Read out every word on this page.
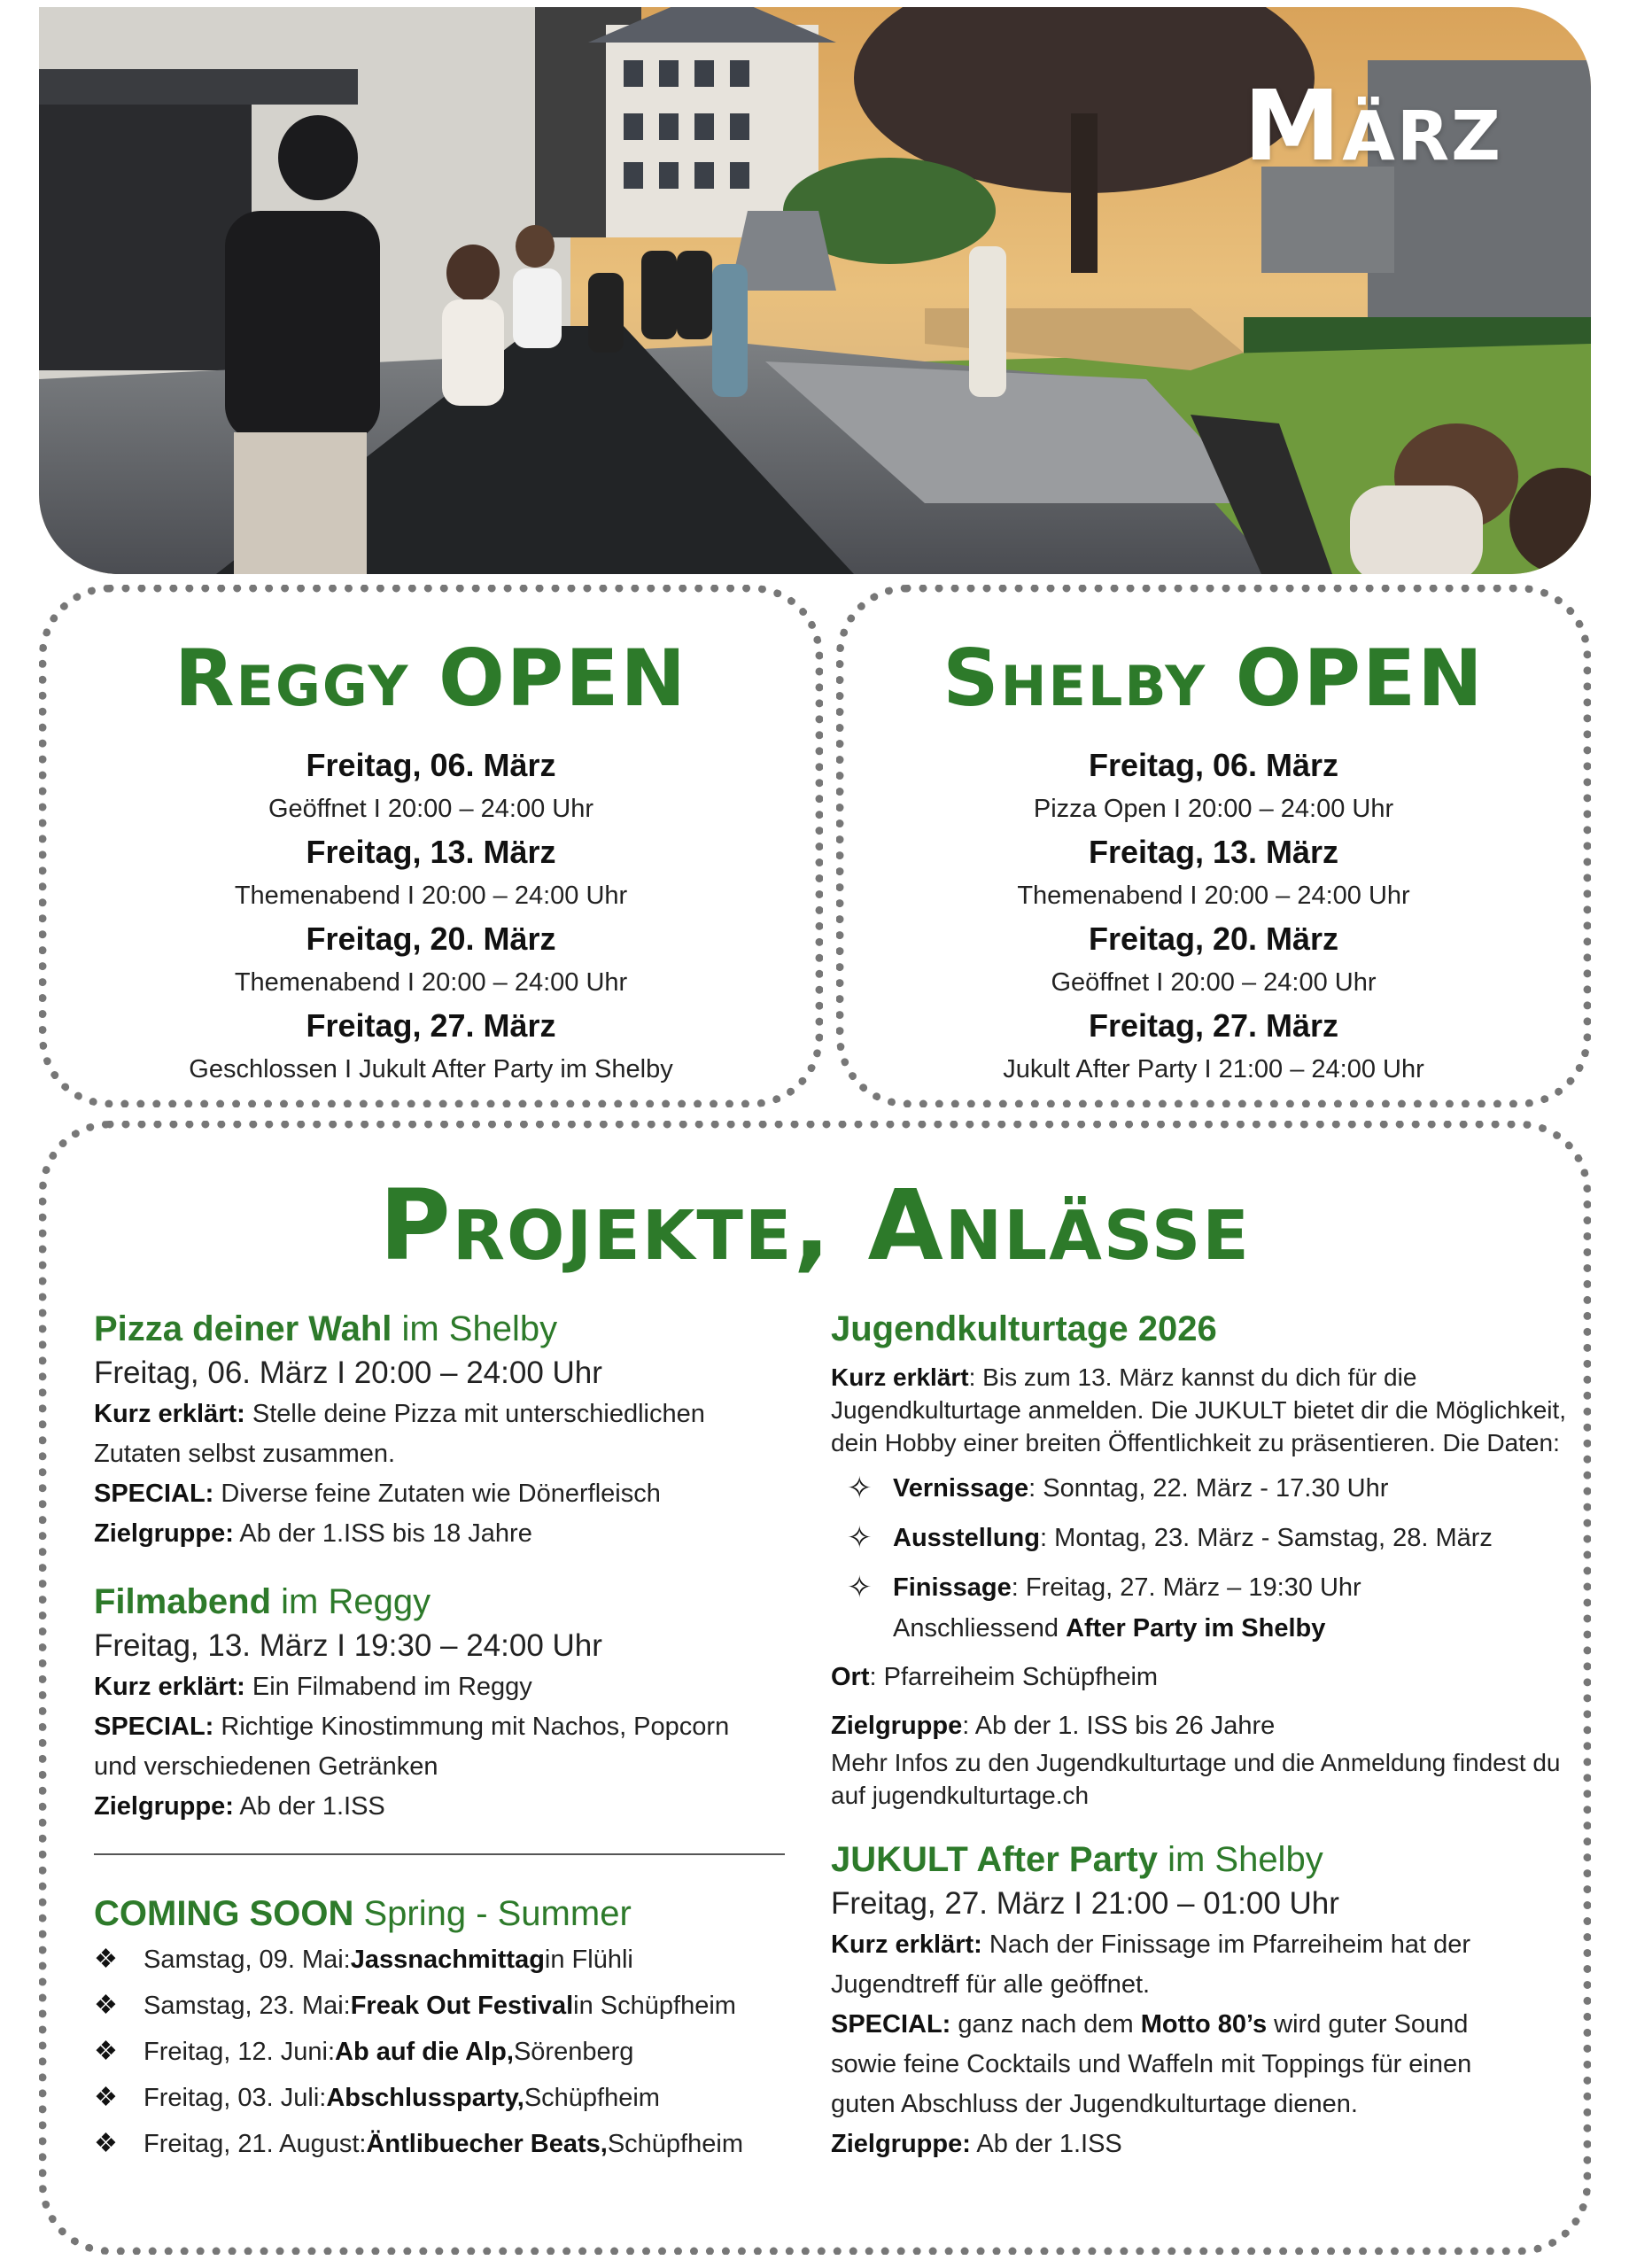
März
Reggy OPEN
Freitag, 06. März
Geöffnet I 20:00 – 24:00 Uhr
Freitag, 13. März
Themenabend I 20:00 – 24:00 Uhr
Freitag, 20. März
Themenabend I 20:00 – 24:00 Uhr
Freitag, 27. März
Geschlossen I Jukult After Party im Shelby
Shelby OPEN
Freitag, 06. März
Pizza Open I 20:00 – 24:00 Uhr
Freitag, 13. März
Themenabend I 20:00 – 24:00 Uhr
Freitag, 20. März
Geöffnet I 20:00 – 24:00 Uhr
Freitag, 27. März
Jukult After Party I 21:00 – 24:00 Uhr
Projekte, Anlässe
Pizza deiner Wahl im Shelby
Freitag, 06. März I 20:00 – 24:00 Uhr
Kurz erklärt: Stelle deine Pizza mit unterschiedlichen
Zutaten selbst zusammen.
SPECIAL: Diverse feine Zutaten wie Dönerfleisch
Zielgruppe: Ab der 1.ISS bis 18 Jahre
Filmabend im Reggy
Freitag, 13. März I 19:30 – 24:00 Uhr
Kurz erklärt: Ein Filmabend im Reggy
SPECIAL: Richtige Kinostimmung mit Nachos, Popcorn
und verschiedenen Getränken
Zielgruppe: Ab der 1.ISS
COMING SOON Spring - Summer
❖	Samstag, 09. Mai: Jassnachmittag in Flühli
❖	Samstag, 23. Mai: Freak Out Festival in Schüpfheim
❖	Freitag, 12. Juni: Ab auf die Alp, Sörenberg
❖	Freitag, 03. Juli: Abschlussparty, Schüpfheim
❖	Freitag, 21. August: Äntlibuecher Beats, Schüpfheim
Jugendkulturtage 2026
Kurz erklärt: Bis zum 13. März kannst du dich für die Jugendkulturtage anmelden. Die JUKULT bietet dir die Möglichkeit, dein Hobby einer breiten Öffentlichkeit zu präsentieren. Die Daten:
✧ Vernissage: Sonntag, 22. März - 17.30 Uhr
✧ Ausstellung: Montag, 23. März - Samstag, 28. März
✧ Finissage: Freitag, 27. März – 19:30 Uhr
Anschliessend After Party im Shelby
Ort: Pfarreiheim Schüpfheim
Zielgruppe: Ab der 1. ISS bis 26 Jahre
Mehr Infos zu den Jugendkulturtage und die Anmeldung findest du auf jugendkulturtage.ch
JUKULT After Party im Shelby
Freitag, 27. März I 21:00 – 01:00 Uhr
Kurz erklärt: Nach der Finissage im Pfarreiheim hat der
Jugendtreff für alle geöffnet.
SPECIAL: ganz nach dem Motto 80’s wird guter Sound
sowie feine Cocktails und Waffeln mit Toppings für einen
guten Abschluss der Jugendkulturtage dienen.
Zielgruppe: Ab der 1.ISS
